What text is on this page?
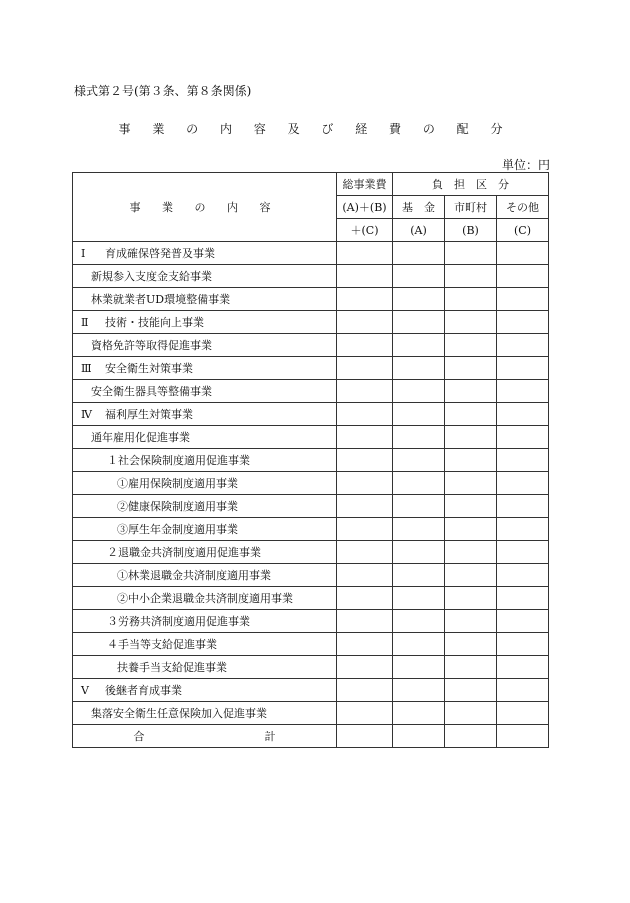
様式第２号(第３条、第８条関係)
事 業 の 内 容 及 び 経 費 の 配 分
単位：円
事 業 の 内 容	総事業費	負　担　区　分		
	(A)＋(B)	基　金	市町村	その他
	＋(C)	(A)	(B)	(C)

Ⅰ 育成確保啓発普及事業				

新規参入支度金支給事業				

林業就業者UD環境整備事業				

Ⅱ 技術・技能向上事業				

資格免許等取得促進事業				

Ⅲ 安全衛生対策事業				

安全衛生器具等整備事業				

Ⅳ 福利厚生対策事業				

通年雇用化促進事業				

１社会保険制度適用促進事業				

①雇用保険制度適用事業				

②健康保険制度適用事業				

③厚生年金制度適用事業				

２退職金共済制度適用促進事業				

①林業退職金共済制度適用事業				

②中小企業退職金共済制度適用事業				

３労務共済制度適用促進事業				

４手当等支給促進事業				

扶養手当支給促進事業				

Ⅴ 後継者育成事業				

集落安全衛生任意保険加入促進事業				

合 計				
